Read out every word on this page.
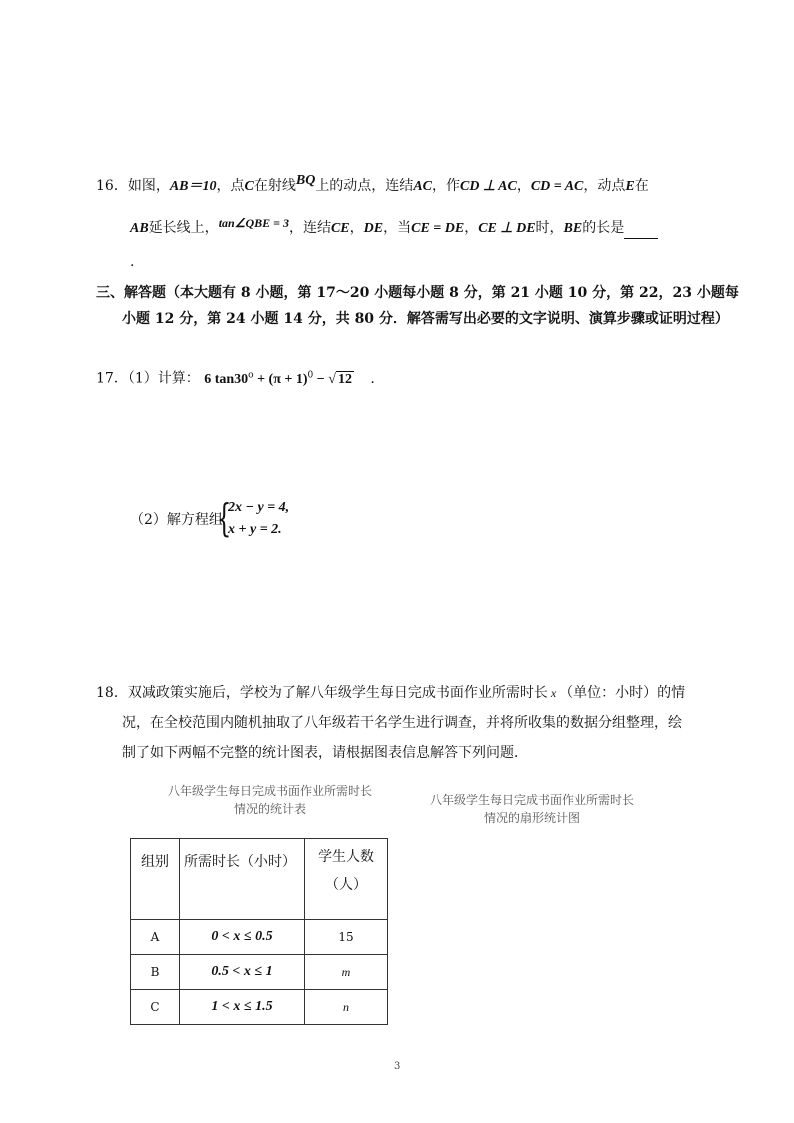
16．如图，AB＝10，点C在射线BQ上的动点，连结AC，作CD ⊥ AC，CD = AC，动点E在
AB延长线上，tan∠QBE = 3，连结CE，DE，当CE = DE，CE ⊥ DE时，BE的长是
.
三、解答题（本大题有 8 小题，第 17～20 小题每小题 8 分，第 21 小题 10 分，第 22，23 小题每
小题 12 分，第 24 小题 14 分，共 80 分．解答需写出必要的文字说明、演算步骤或证明过程）
17．（1）计算： 6 $\tan 30^o + (\pi + 1)^0$ − √ 12 .
（2）解方程组
{
2x − y = 4,
x + y = 2.
18．双减政策实施后，学校为了解八年级学生每日完成书面作业所需时长 x （单位：小时）的情
况，在全校范围内随机抽取了八年级若干名学生进行调查，并将所收集的数据分组整理，绘
制了如下两幅不完整的统计图表，请根据图表信息解答下列问题．
八年级学生每日完成书面作业所需时长
情况的统计表
八年级学生每日完成书面作业所需时长
情况的扇形统计图
组别	所需时长（小时）	学生人数
（人）

A	0 < x ≤ 0.5	15
B	0.5 < x ≤ 1	m
C	1 < x ≤ 1.5	n
3
